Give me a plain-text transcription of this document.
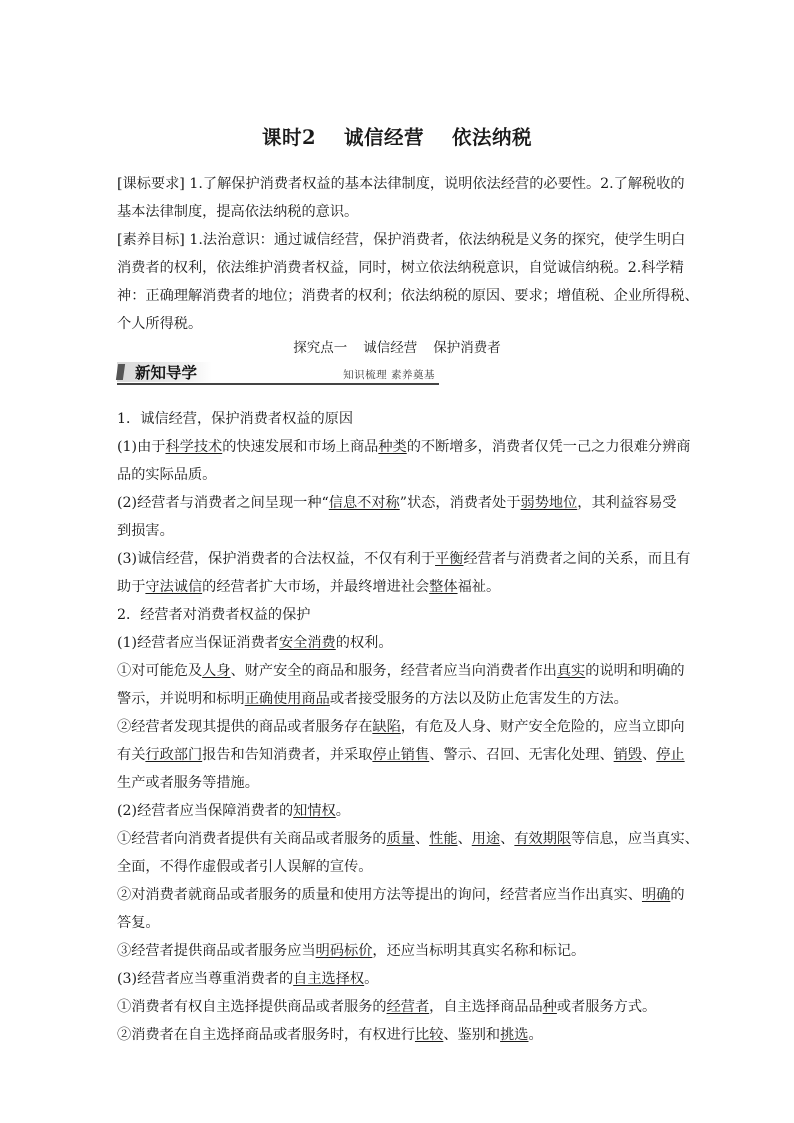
课时2 诚信经营 依法纳税
[课标要求] 1.了解保护消费者权益的基本法律制度，说明依法经营的必要性。2.了解税收的
基本法律制度，提高依法纳税的意识。
[素养目标] 1.法治意识：通过诚信经营，保护消费者，依法纳税是义务的探究，使学生明白
消费者的权利，依法维护消费者权益，同时，树立依法纳税意识，自觉诚信纳税。2.科学精
神：正确理解消费者的地位；消费者的权利；依法纳税的原因、要求；增值税、企业所得税、
个人所得税。
探究点一 诚信经营 保护消费者
新知导学	知识梳理 素养奠基
1．诚信经营，保护消费者权益的原因
(1)由于科学技术的快速发展和市场上商品种类的不断增多，消费者仅凭一己之力很难分辨商
品的实际品质。
(2)经营者与消费者之间呈现一种“信息不对称”状态，消费者处于弱势地位，其利益容易受
到损害。
(3)诚信经营，保护消费者的合法权益，不仅有利于平衡经营者与消费者之间的关系，而且有
助于守法诚信的经营者扩大市场，并最终增进社会整体福祉。
2．经营者对消费者权益的保护
(1)经营者应当保证消费者安全消费的权利。
①对可能危及人身、财产安全的商品和服务，经营者应当向消费者作出真实的说明和明确的
警示，并说明和标明正确使用商品或者接受服务的方法以及防止危害发生的方法。
②经营者发现其提供的商品或者服务存在缺陷，有危及人身、财产安全危险的，应当立即向
有关行政部门报告和告知消费者，并采取停止销售、警示、召回、无害化处理、销毁、停止
生产或者服务等措施。
(2)经营者应当保障消费者的知情权。
①经营者向消费者提供有关商品或者服务的质量、性能、用途、有效期限等信息，应当真实、
全面，不得作虚假或者引人误解的宣传。
②对消费者就商品或者服务的质量和使用方法等提出的询问，经营者应当作出真实、明确的
答复。
③经营者提供商品或者服务应当明码标价，还应当标明其真实名称和标记。
(3)经营者应当尊重消费者的自主选择权。
①消费者有权自主选择提供商品或者服务的经营者，自主选择商品品种或者服务方式。
②消费者在自主选择商品或者服务时，有权进行比较、鉴别和挑选。
